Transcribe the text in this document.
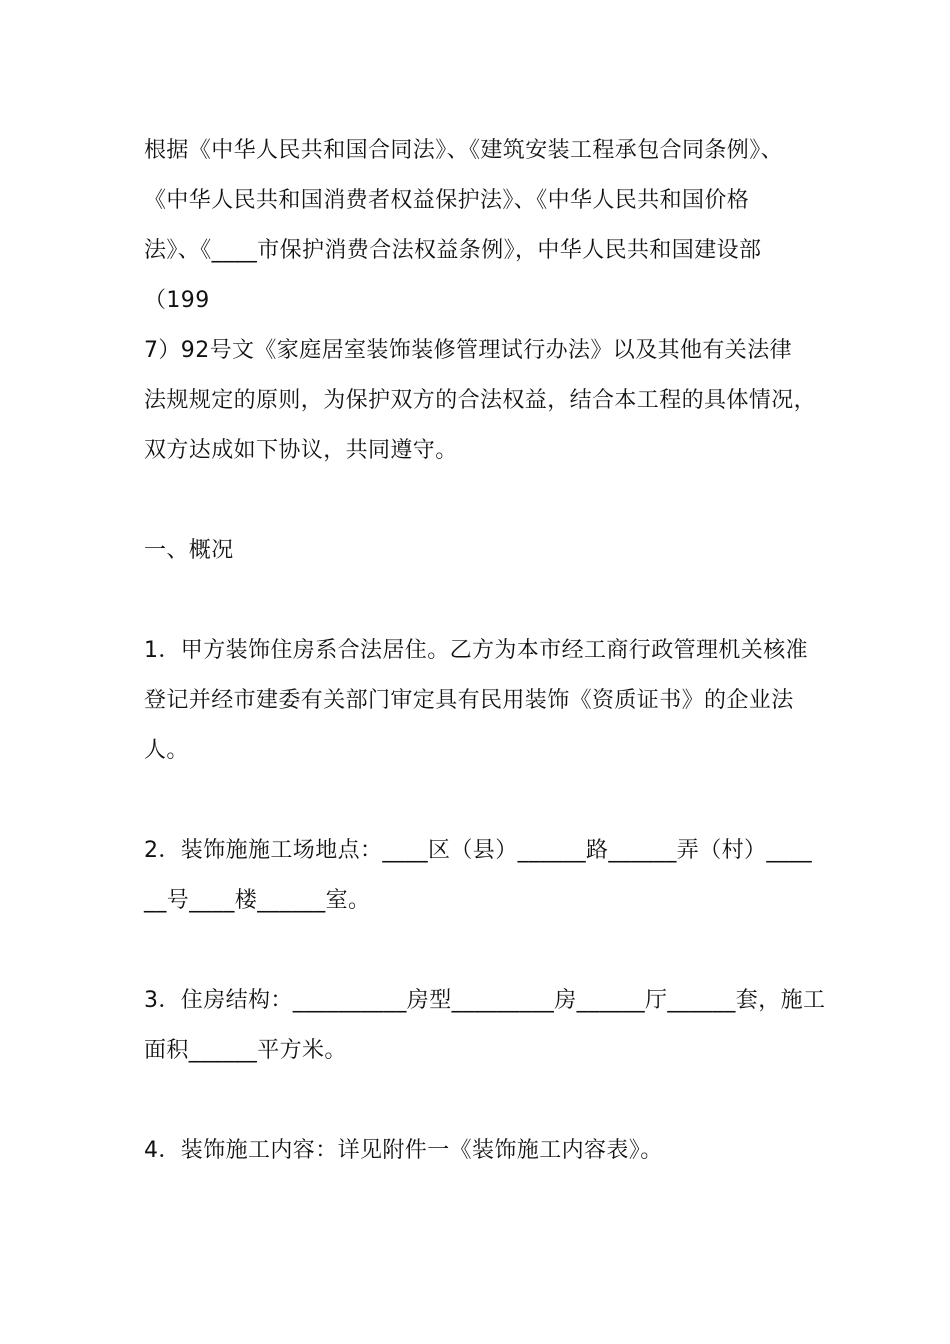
根据《中华人民共和国合同法》、《建筑安装工程承包合同条例》、
《中华人民共和国消费者权益保护法》、《中华人民共和国价格
法》、《____市保护消费合法权益条例》，中华人民共和国建设部
（199
7）92号文《家庭居室装饰装修管理试行办法》以及其他有关法律
法规规定的原则，为保护双方的合法权益，结合本工程的具体情况，
双方达成如下协议，共同遵守。
一、概况
1．甲方装饰住房系合法居住。乙方为本市经工商行政管理机关核准
登记并经市建委有关部门审定具有民用装饰《资质证书》的企业法
人。
2．装饰施施工场地点：____区（县）______路______弄（村）____
__号____楼______室。
3．住房结构：__________房型_________房______厅______套，施工
面积______平方米。
4．装饰施工内容：详见附件一《装饰施工内容表》。
